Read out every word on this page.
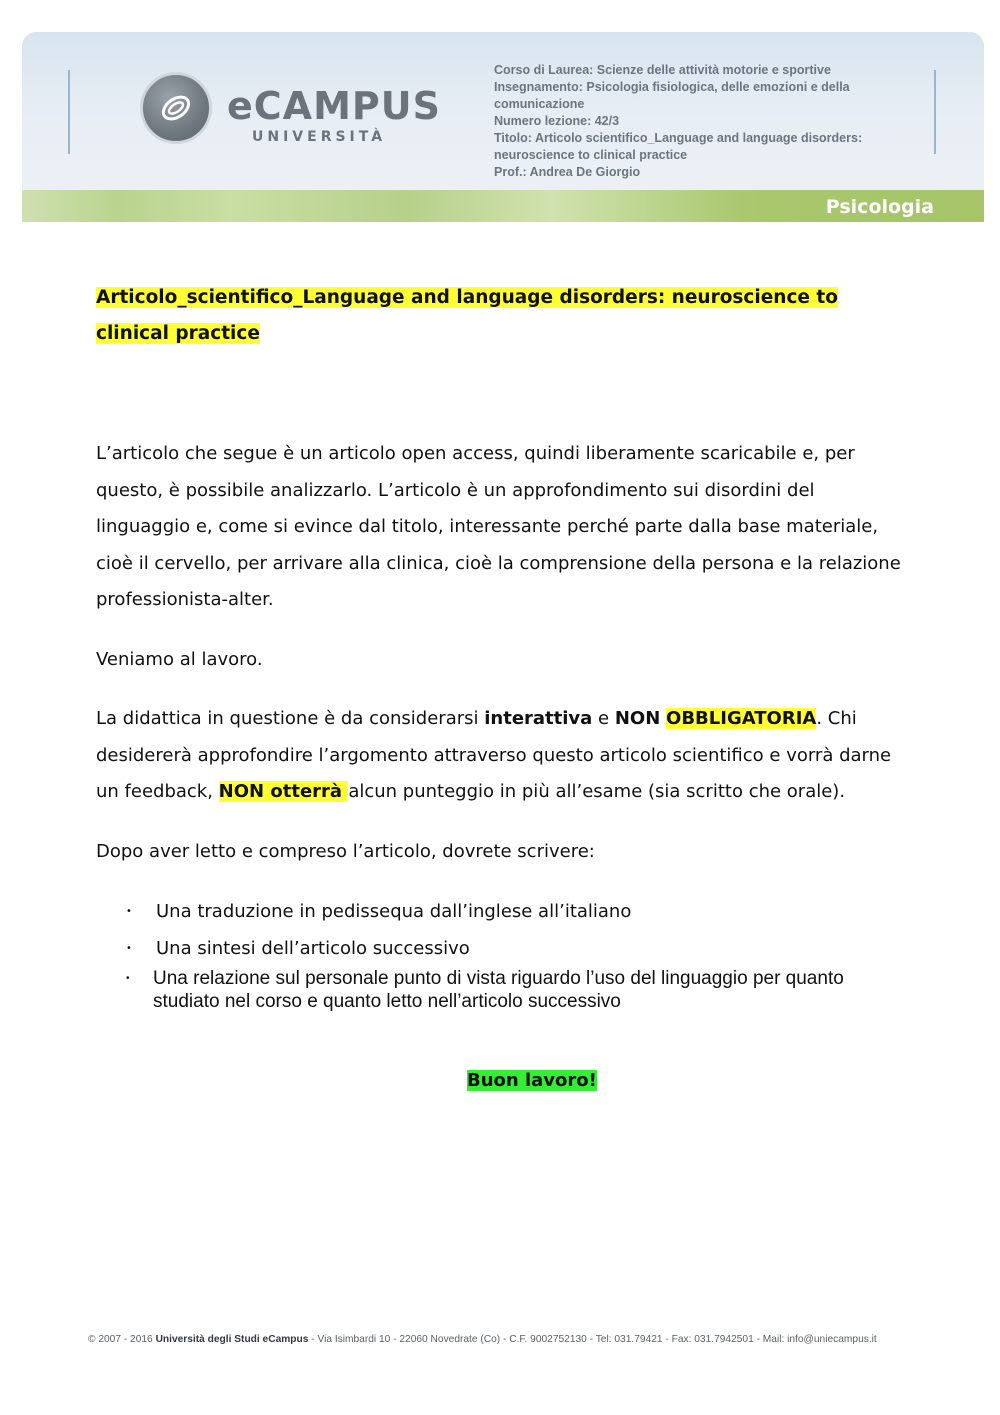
eCAMPUS
UNIVERSITÀ
Corso di Laurea: Scienze delle attività motorie e sportive
Insegnamento: Psicologia fisiologica, delle emozioni e della comunicazione
Numero lezione: 42/3
Titolo: Articolo scientifico_Language and language disorders: neuroscience to clinical practice
Prof.: Andrea De Giorgio
Psicologia

Articolo_scientifico_Language and language disorders: neuroscience to clinical practice

L’articolo che segue è un articolo open access, quindi liberamente scaricabile e, per questo, è possibile analizzarlo. L’articolo è un approfondimento sui disordini del linguaggio e, come si evince dal titolo, interessante perché parte dalla base materiale, cioè il cervello, per arrivare alla clinica, cioè la comprensione della persona e la relazione professionista-alter.

Veniamo al lavoro.

La didattica in questione è da considerarsi interattiva e NON OBBLIGATORIA. Chi desidererà approfondire l’argomento attraverso questo articolo scientifico e vorrà darne un feedback, NON otterrà alcun punteggio in più all’esame (sia scritto che orale).

Dopo aver letto e compreso l’articolo, dovrete scrivere:

• Una traduzione in pedissequa dall’inglese all’italiano
• Una sintesi dell’articolo successivo
• Una relazione sul personale punto di vista riguardo l’uso del linguaggio per quanto studiato nel corso e quanto letto nell’articolo successivo

Buon lavoro!

© 2007 - 2016 Università degli Studi eCampus - Via Isimbardi 10 - 22060 Novedrate (Co) - C.F. 9002752130 - Tel: 031.79421 - Fax: 031.7942501 - Mail: info@uniecampus.it
